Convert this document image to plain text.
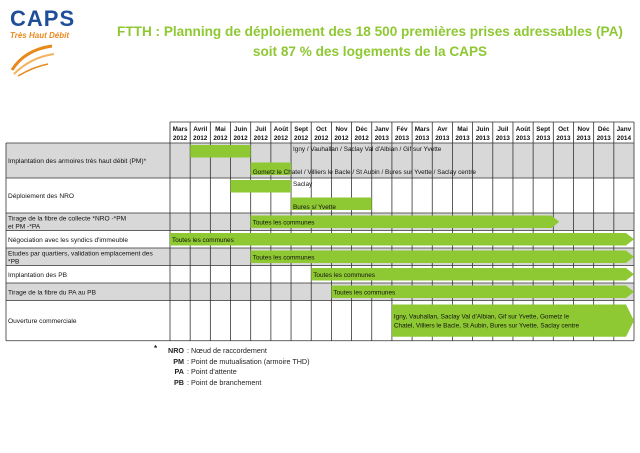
CAPS
Très Haut Débit	FTTH : Planning de déploiement des 18 500 premières prises adressables (PA)
soit 87 % des logements de la CAPS
Mars
2012
Avril
2012
Mai
2012
Juin
2012
Juil
2012
Août
2012
Sept
2012
Oct
2012
Nov
2012
Déc
2012
Janv
2013
Fév
2013
Mars
2013
Avr
2013
Mai
2013
Juin
2013
Juil
2013
Août
2013
Sept
2013
Oct
2013
Nov
2013
Déc
2013
Janv
2014
Implantation des armoires très haut débit (PM)*
Déploiement des NRO
Tirage de la fibre de collecte *NRO -*PM
et PM -*PA
Négociation avec les syndics d'immeuble
Etudes par quartiers, validation emplacement des
*PB
Implantation des PB
Tirage de la fibre du PA au PB
Ouverture commerciale
Igny / Vauhallan / Saclay Val d'Albian / Gif sur Yvette
Gometz le Chatel / Villiers le Bacle / St Aubin / Bures sur Yvette / Saclay centre
Saclay
Bures s/ Yvette
Toutes les communes
Toutes les communes
Toutes les communes
Toutes les communes
Toutes les communes
Igny, Vauhallan, Saclay Val d'Albian, Gif sur Yvette, Gometz le
Chatel, Villiers le Bacle, St Aubin, Bures sur Yvette, Saclay centre
*	NRO : Nœud de raccordement
PM : Point de mutualisation (armoire THD)
PA : Point d'attente
PB : Point de branchement
